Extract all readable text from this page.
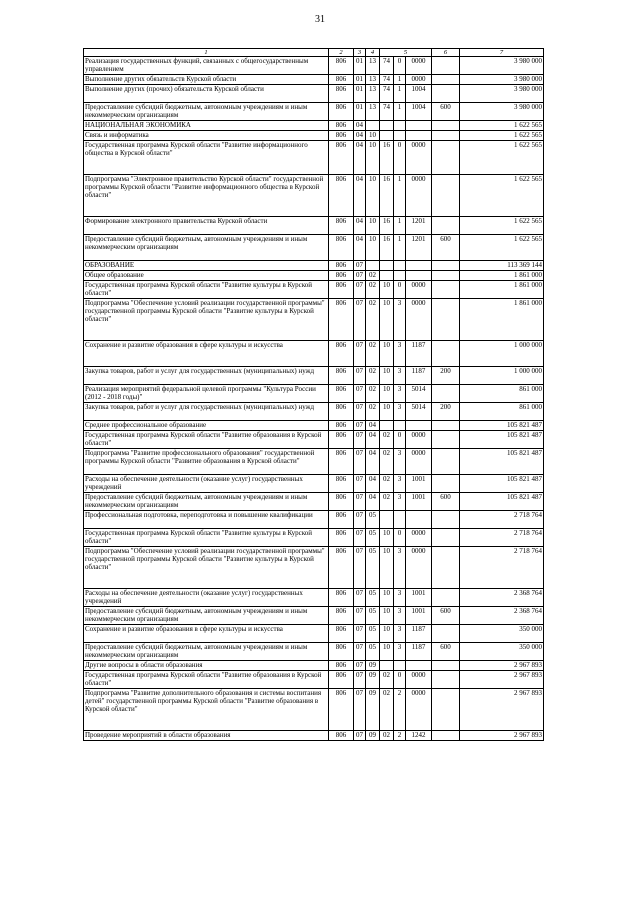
31
1	2	3	4	5			6	7
Реализация государственных функций, связанных с общегосударственным управлением	806	01	13	74	0	0000		3 980 000
Выполнение других обязательств Курской области	806	01	13	74	1	0000		3 980 000
Выполнение других (прочих) обязательств Курской области	806	01	13	74	1	1004		3 980 000
Предоставление субсидий бюджетным, автономным учреждениям и иным некоммерческим организациям	806	01	13	74	1	1004	600	3 980 000
НАЦИОНАЛЬНАЯ ЭКОНОМИКА	806	04						1 622 565
Связь и информатика	806	04	10					1 622 565
Государственная программа Курской области "Развитие информационного общества в Курской области"	806	04	10	16	0	0000		1 622 565
Подпрограмма "Электронное правительство Курской области" государственной программы Курской области "Развитие информационного общества в Курской области"	806	04	10	16	1	0000		1 622 565
Формирование электронного правительства Курской области	806	04	10	16	1	1201		1 622 565
Предоставление субсидий бюджетным, автономным учреждениям и иным некоммерческим организациям	806	04	10	16	1	1201	600	1 622 565
ОБРАЗОВАНИЕ	806	07						113 369 144
Общее образование	806	07	02					1 861 000
Государственная программа Курской области "Развитие культуры в Курской области"	806	07	02	10	0	0000		1 861 000
Подпрограмма "Обеспечение условий реализации государственной программы" государственной программы Курской области "Развитие культуры в Курской области"	806	07	02	10	3	0000		1 861 000
Сохранение и развитие образования в сфере культуры и искусства	806	07	02	10	3	1187		1 000 000
Закупка товаров, работ и услуг для государственных (муниципальных) нужд	806	07	02	10	3	1187	200	1 000 000
Реализация мероприятий федеральной целевой программы "Культура России (2012 - 2018 годы)"	806	07	02	10	3	5014		861 000
Закупка товаров, работ и услуг для государственных (муниципальных) нужд	806	07	02	10	3	5014	200	861 000
Среднее профессиональное образование	806	07	04					105 821 487
Государственная программа Курской области "Развитие образования в Курской области"	806	07	04	02	0	0000		105 821 487
Подпрограмма "Развитие профессионального образования" государственной программы Курской области "Развитие образования в Курской области"	806	07	04	02	3	0000		105 821 487
Расходы на обеспечение деятельности (оказание услуг) государственных учреждений	806	07	04	02	3	1001		105 821 487
Предоставление субсидий бюджетным, автономным учреждениям и иным некоммерческим организациям	806	07	04	02	3	1001	600	105 821 487
Профессиональная подготовка, переподготовка и повышение квалификации	806	07	05					2 718 764
Государственная программа Курской области "Развитие культуры в Курской области"	806	07	05	10	0	0000		2 718 764
Подпрограмма "Обеспечение условий реализации государственной программы" государственной программы Курской области "Развитие культуры в Курской области"	806	07	05	10	3	0000		2 718 764
Расходы на обеспечение деятельности (оказание услуг) государственных учреждений	806	07	05	10	3	1001		2 368 764
Предоставление субсидий бюджетным, автономным учреждениям и иным некоммерческим организациям	806	07	05	10	3	1001	600	2 368 764
Сохранение и развитие образования в сфере культуры и искусства	806	07	05	10	3	1187		350 000
Предоставление субсидий бюджетным, автономным учреждениям и иным некоммерческим организациям	806	07	05	10	3	1187	600	350 000
Другие вопросы в области образования	806	07	09					2 967 893
Государственная программа Курской области "Развитие образования в Курской области"	806	07	09	02	0	0000		2 967 893
Подпрограмма "Развитие дополнительного образования и системы воспитания детей" государственной программы Курской области "Развитие образования в Курской области"	806	07	09	02	2	0000		2 967 893
Проведение мероприятий в области образования	806	07	09	02	2	1242		2 967 893
